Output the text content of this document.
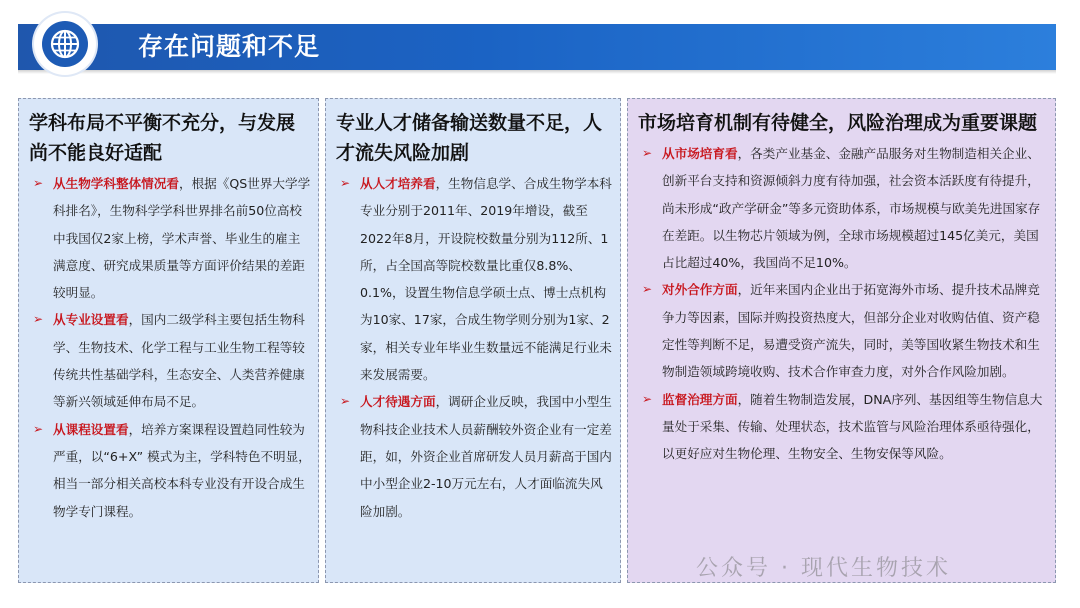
存在问题和不足
学科布局不平衡不充分，与发展尚不能良好适配
➢ 从生物学科整体情况看，根据《QS世界大学学科排名》，生物科学学科世界排名前50位高校中我国仅2家上榜，学术声誉、毕业生的雇主满意度、研究成果质量等方面评价结果的差距较明显。
➢ 从专业设置看，国内二级学科主要包括生物科学、生物技术、化学工程与工业生物工程等较传统共性基础学科，生态安全、人类营养健康等新兴领域延伸布局不足。
➢ 从课程设置看，培养方案课程设置趋同性较为严重，以“6+X” 模式为主，学科特色不明显，相当一部分相关高校本科专业没有开设合成生物学专门课程。
专业人才储备输送数量不足，人才流失风险加剧
➢ 从人才培养看，生物信息学、合成生物学本科专业分别于2011年、2019年增设，截至2022年8月，开设院校数量分别为112所、1所，占全国高等院校数量比重仅8.8%、0.1%，设置生物信息学硕士点、博士点机构为10家、17家，合成生物学则分别为1家、2家，相关专业年毕业生数量远不能满足行业未来发展需要。
➢ 人才待遇方面，调研企业反映，我国中小型生物科技企业技术人员薪酬较外资企业有一定差距，如，外资企业首席研发人员月薪高于国内中小型企业2-10万元左右，人才面临流失风险加剧。
市场培育机制有待健全，风险治理成为重要课题
➢ 从市场培育看，各类产业基金、金融产品服务对生物制造相关企业、创新平台支持和资源倾斜力度有待加强，社会资本活跃度有待提升，尚未形成“政产学研金”等多元资助体系，市场规模与欧美先进国家存在差距。以生物芯片领域为例，全球市场规模超过145亿美元，美国占比超过40%，我国尚不足10%。
➢ 对外合作方面，近年来国内企业出于拓宽海外市场、提升技术品牌竞争力等因素，国际并购投资热度大，但部分企业对收购估值、资产稳定性等判断不足，易遭受资产流失，同时，美等国收紧生物技术和生物制造领域跨境收购、技术合作审查力度，对外合作风险加剧。
➢ 监督治理方面，随着生物制造发展，DNA序列、基因组等生物信息大量处于采集、传输、处理状态，技术监管与风险治理体系亟待强化，以更好应对生物伦理、生物安全、生物安保等风险。
公众号 · 现代生物技术
